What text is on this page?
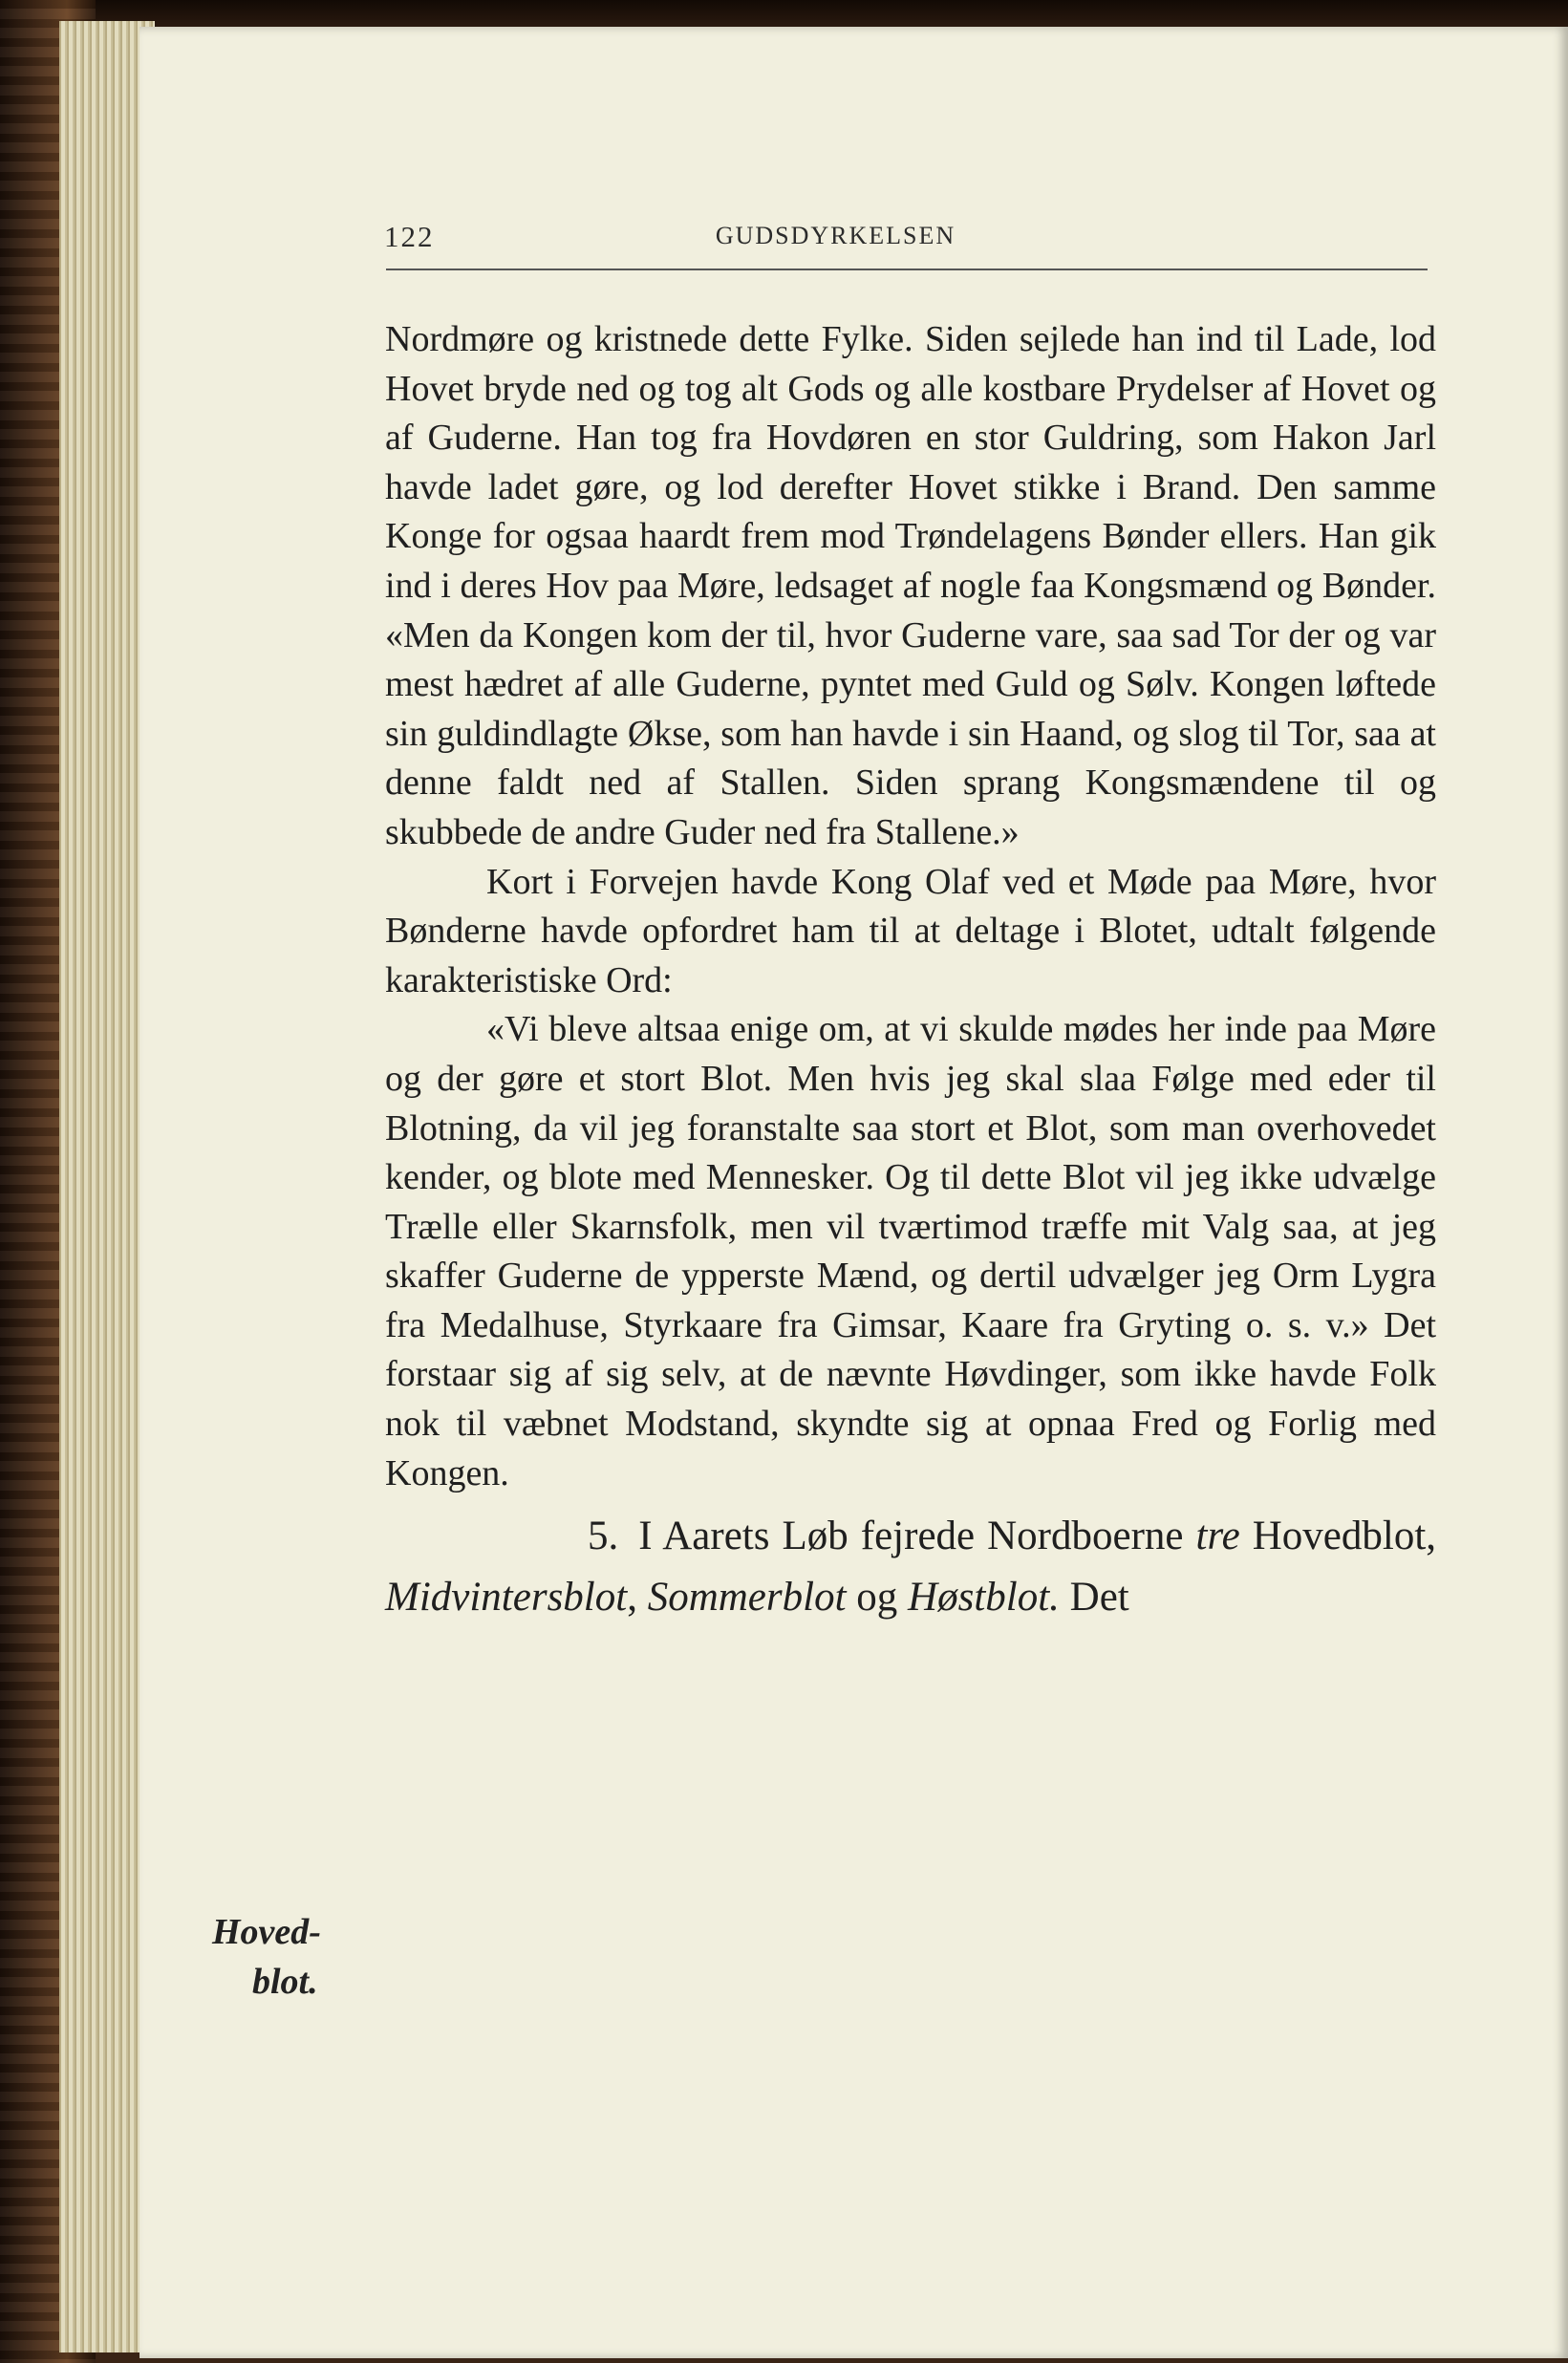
122	GUDSDYRKELSEN
Hoved-
blot.

Nordmøre og kristnede dette Fylke. Siden sejlede han ind til Lade, lod Hovet bryde ned og tog alt Gods og alle kostbare Prydelser af Hovet og af Guderne. Han tog fra Hovdøren en stor Guldring, som Hakon Jarl havde ladet gøre, og lod derefter Hovet stikke i Brand. Den samme Konge for ogsaa haardt frem mod Trøndelagens Bønder ellers. Han gik ind i deres Hov paa Møre, ledsaget af nogle faa Kongsmænd og Bønder. «Men da Kongen kom der til, hvor Guderne vare, saa sad Tor der og var mest hædret af alle Guderne, pyntet med Guld og Sølv. Kongen løftede sin guldindlagte Økse, som han havde i sin Haand, og slog til Tor, saa at denne faldt ned af Stallen. Siden sprang Kongsmændene til og skubbede de andre Guder ned fra Stallene.»

Kort i Forvejen havde Kong Olaf ved et Møde paa Møre, hvor Bønderne havde opfordret ham til at deltage i Blotet, udtalt følgende karakteristiske Ord:

«Vi bleve altsaa enige om, at vi skulde mødes her inde paa Møre og der gøre et stort Blot. Men hvis jeg skal slaa Følge med eder til Blotning, da vil jeg foranstalte saa stort et Blot, som man overhovedet kender, og blote med Mennesker. Og til dette Blot vil jeg ikke udvælge Trælle eller Skarnsfolk, men vil tværtimod træffe mit Valg saa, at jeg skaffer Guderne de ypperste Mænd, og dertil udvælger jeg Orm Lygra fra Medalhuse, Styrkaare fra Gimsar, Kaare fra Gryting o. s. v.» Det forstaar sig af sig selv, at de nævnte Høvdinger, som ikke havde Folk nok til væbnet Modstand, skyndte sig at opnaa Fred og Forlig med Kongen.

5. I Aarets Løb fejrede Nordboerne tre Hovedblot, Midvintersblot, Sommerblot og Høstblot. Det
